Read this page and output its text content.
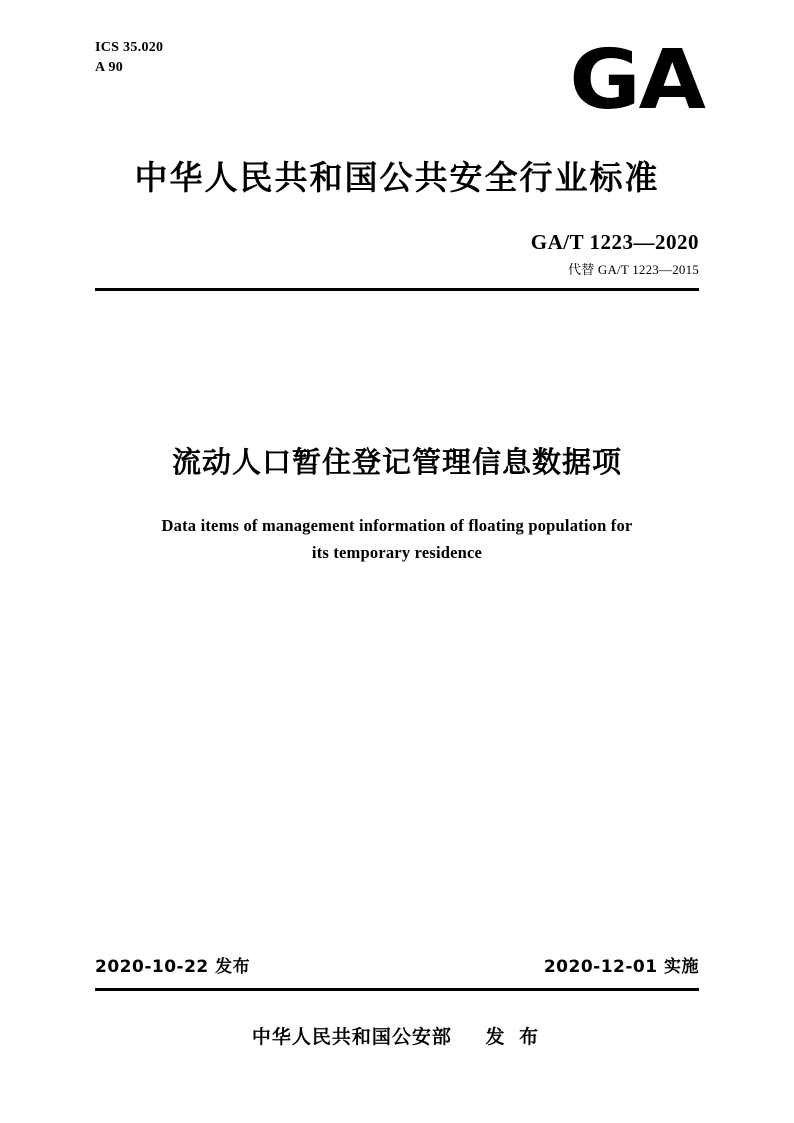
ICS 35.020
A 90	GA
中华人民共和国公共安全行业标准
GA/T 1223—2020
代替 GA/T 1223—2015
流动人口暂住登记管理信息数据项
Data items of management information of floating population for
its temporary residence
2020-10-22 发布	2020-12-01 实施
中华人民共和国公安部 发 布
